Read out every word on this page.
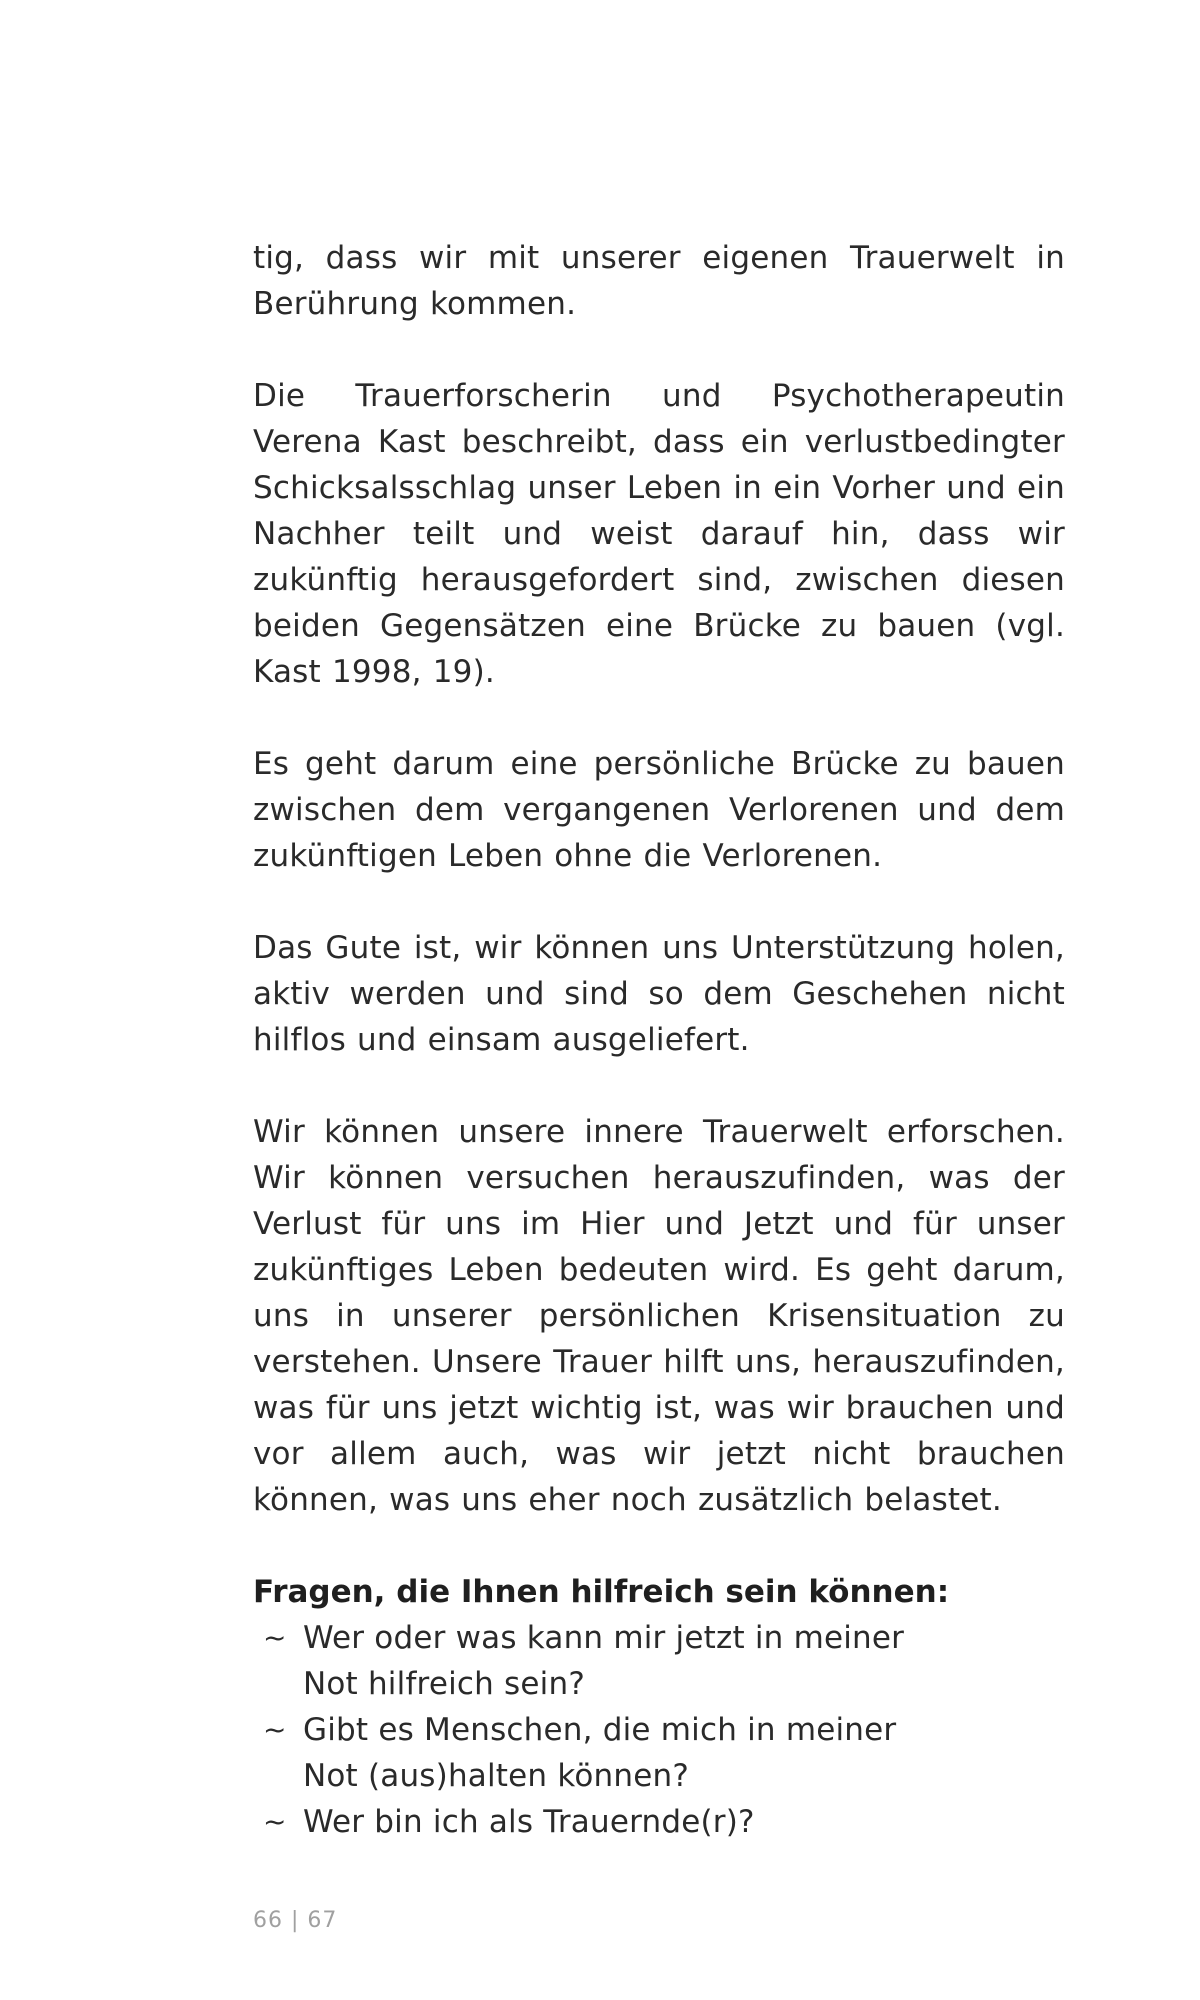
tig, dass wir mit unserer eigenen Trauerwelt in Berührung kommen.

Die Trauerforscherin und Psychotherapeutin Verena Kast beschreibt, dass ein verlustbedingter Schicksalsschlag unser Leben in ein Vorher und ein Nachher teilt und weist darauf hin, dass wir zukünftig herausgefordert sind, zwischen diesen beiden Gegensätzen eine Brücke zu bauen (vgl. Kast 1998, 19).

Es geht darum eine persönliche Brücke zu bauen zwischen dem vergangenen Verlorenen und dem zukünftigen Leben ohne die Verlorenen.

Das Gute ist, wir können uns Unterstützung holen, aktiv werden und sind so dem Geschehen nicht hilflos und einsam ausgeliefert.

Wir können unsere innere Trauerwelt erforschen. Wir können versuchen herauszufinden, was der Verlust für uns im Hier und Jetzt und für unser zukünftiges Leben bedeuten wird. Es geht darum, uns in unserer persönlichen Krisensituation zu verstehen. Unsere Trauer hilft uns, herauszufinden, was für uns jetzt wichtig ist, was wir brauchen und vor allem auch, was wir jetzt nicht brauchen können, was uns eher noch zusätzlich belastet.

Fragen, die Ihnen hilfreich sein können:
~ Wer oder was kann mir jetzt in meiner Not hilfreich sein?
~ Gibt es Menschen, die mich in meiner Not (aus)halten können?
~ Wer bin ich als Trauernde(r)?
66 | 67
